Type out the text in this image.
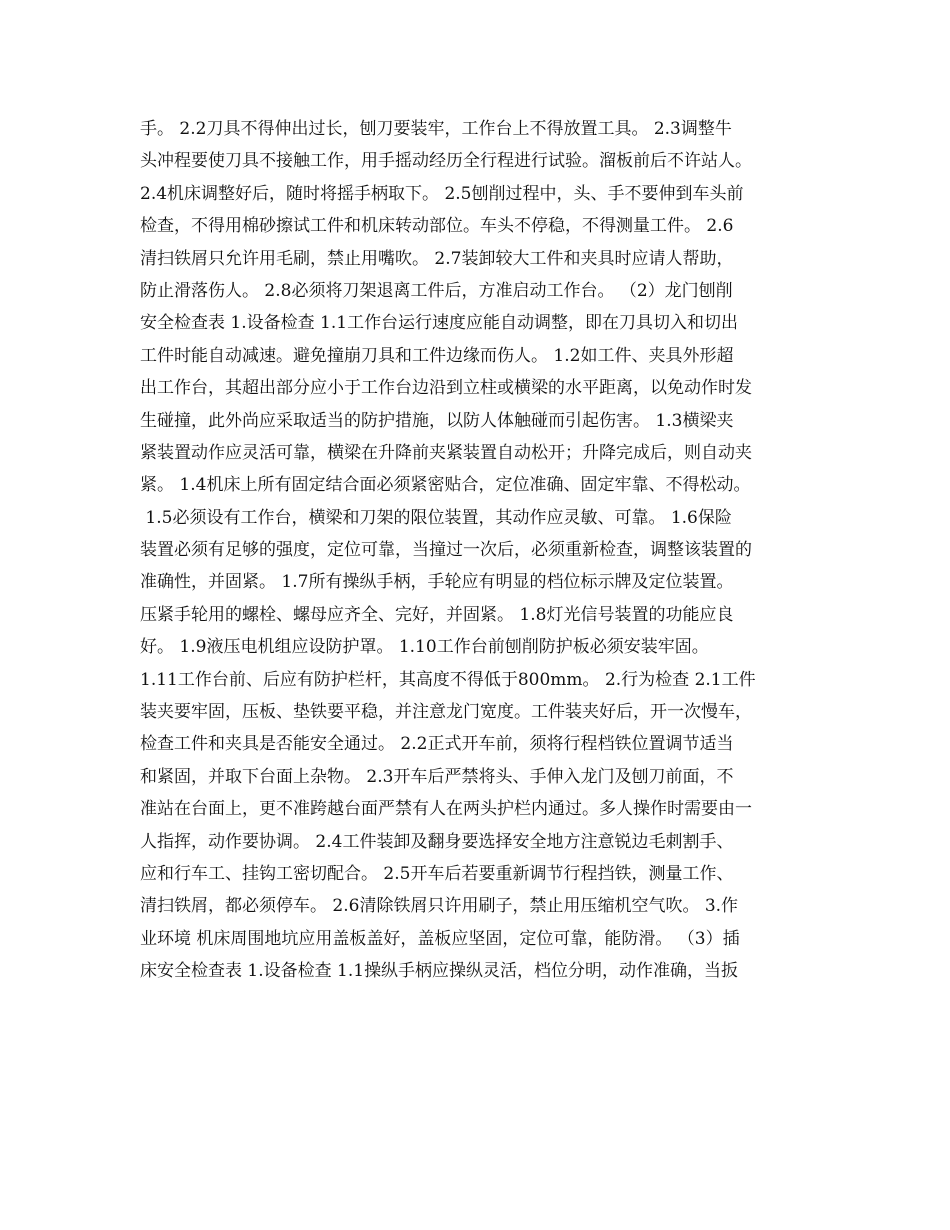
手。 2.2刀具不得伸出过长，刨刀要装牢，工作台上不得放置工具。 2.3调整牛
头冲程要使刀具不接触工作，用手摇动经历全行程进行试验。溜板前后不许站人。
2.4机床调整好后，随时将摇手柄取下。 2.5刨削过程中，头、手不要伸到车头前
检查，不得用棉砂擦试工件和机床转动部位。车头不停稳，不得测量工件。 2.6
清扫铁屑只允许用毛刷，禁止用嘴吹。 2.7装卸较大工件和夹具时应请人帮助，
防止滑落伤人。 2.8必须将刀架退离工件后，方准启动工作台。 （2）龙门刨削
安全检查表 1.设备检查 1.1工作台运行速度应能自动调整，即在刀具切入和切出
工件时能自动减速。避免撞崩刀具和工件边缘而伤人。 1.2如工件、夹具外形超
出工作台，其超出部分应小于工作台边沿到立柱或横梁的水平距离，以免动作时发
生碰撞，此外尚应采取适当的防护措施，以防人体触碰而引起伤害。 1.3横梁夹
紧装置动作应灵活可靠，横梁在升降前夹紧装置自动松开；升降完成后，则自动夹
紧。 1.4机床上所有固定结合面必须紧密贴合，定位准确、固定牢靠、不得松动。
1.5必须设有工作台，横梁和刀架的限位装置，其动作应灵敏、可靠。 1.6保险
装置必须有足够的强度，定位可靠，当撞过一次后，必须重新检查，调整该装置的
准确性，并固紧。 1.7所有操纵手柄，手轮应有明显的档位标示牌及定位装置。
压紧手轮用的螺栓、螺母应齐全、完好，并固紧。 1.8灯光信号装置的功能应良
好。 1.9液压电机组应设防护罩。 1.10工作台前刨削防护板必须安装牢固。
1.11工作台前、后应有防护栏杆，其高度不得低于800mm。 2.行为检查 2.1工件
装夹要牢固，压板、垫铁要平稳，并注意龙门宽度。工件装夹好后，开一次慢车，
检查工件和夹具是否能安全通过。 2.2正式开车前，须将行程档铁位置调节适当
和紧固，并取下台面上杂物。 2.3开车后严禁将头、手伸入龙门及刨刀前面，不
准站在台面上，更不准跨越台面严禁有人在两头护栏内通过。多人操作时需要由一
人指挥，动作要协调。 2.4工件装卸及翻身要选择安全地方注意锐边毛刺割手、
应和行车工、挂钩工密切配合。 2.5开车后若要重新调节行程挡铁，测量工作、
清扫铁屑，都必须停车。 2.6清除铁屑只许用刷子，禁止用压缩机空气吹。 3.作
业环境 机床周围地坑应用盖板盖好，盖板应坚固，定位可靠，能防滑。 （3）插
床安全检查表 1.设备检查 1.1操纵手柄应操纵灵活，档位分明，动作准确，当扳
